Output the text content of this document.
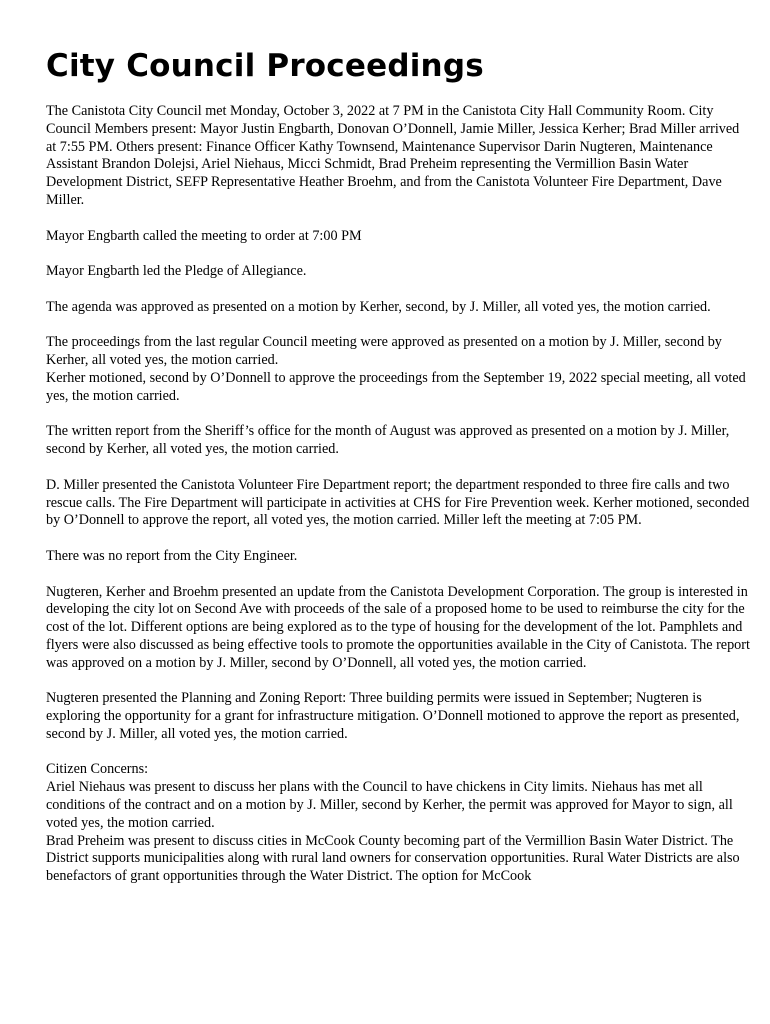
City Council Proceedings

The Canistota City Council met Monday, October 3, 2022 at 7 PM in the Canistota City Hall Community Room. City Council Members present: Mayor Justin Engbarth, Donovan O’Donnell, Jamie Miller, Jessica Kerher; Brad Miller arrived at 7:55 PM. Others present: Finance Officer Kathy Townsend, Maintenance Supervisor Darin Nugteren, Maintenance Assistant Brandon Dolejsi, Ariel Niehaus, Micci Schmidt, Brad Preheim representing the Vermillion Basin Water Development District, SEFP Representative Heather Broehm, and from the Canistota Volunteer Fire Department, Dave Miller.

Mayor Engbarth called the meeting to order at 7:00 PM

Mayor Engbarth led the Pledge of Allegiance.

The agenda was approved as presented on a motion by Kerher, second, by J. Miller, all voted yes, the motion carried.

The proceedings from the last regular Council meeting were approved as presented on a motion by J. Miller, second by Kerher, all voted yes, the motion carried.

Kerher motioned, second by O’Donnell to approve the proceedings from the September 19, 2022 special meeting, all voted yes, the motion carried.

The written report from the Sheriff’s office for the month of August was approved as presented on a motion by J. Miller, second by Kerher, all voted yes, the motion carried.

D. Miller presented the Canistota Volunteer Fire Department report; the department responded to three fire calls and two rescue calls. The Fire Department will participate in activities at CHS for Fire Prevention week. Kerher motioned, seconded by O’Donnell to approve the report, all voted yes, the motion carried. Miller left the meeting at 7:05 PM.

There was no report from the City Engineer.

Nugteren, Kerher and Broehm presented an update from the Canistota Development Corporation. The group is interested in developing the city lot on Second Ave with proceeds of the sale of a proposed home to be used to reimburse the city for the cost of the lot. Different options are being explored as to the type of housing for the development of the lot. Pamphlets and flyers were also discussed as being effective tools to promote the opportunities available in the City of Canistota. The report was approved on a motion by J. Miller, second by O’Donnell, all voted yes, the motion carried.

Nugteren presented the Planning and Zoning Report: Three building permits were issued in September; Nugteren is exploring the opportunity for a grant for infrastructure mitigation. O’Donnell motioned to approve the report as presented, second by J. Miller, all voted yes, the motion carried.

Citizen Concerns:

Ariel Niehaus was present to discuss her plans with the Council to have chickens in City limits. Niehaus has met all conditions of the contract and on a motion by J. Miller, second by Kerher, the permit was approved for Mayor to sign, all voted yes, the motion carried.

Brad Preheim was present to discuss cities in McCook County becoming part of the Vermillion Basin Water District. The District supports municipalities along with rural land owners for conservation opportunities. Rural Water Districts are also benefactors of grant opportunities through the Water District. The option for McCook
